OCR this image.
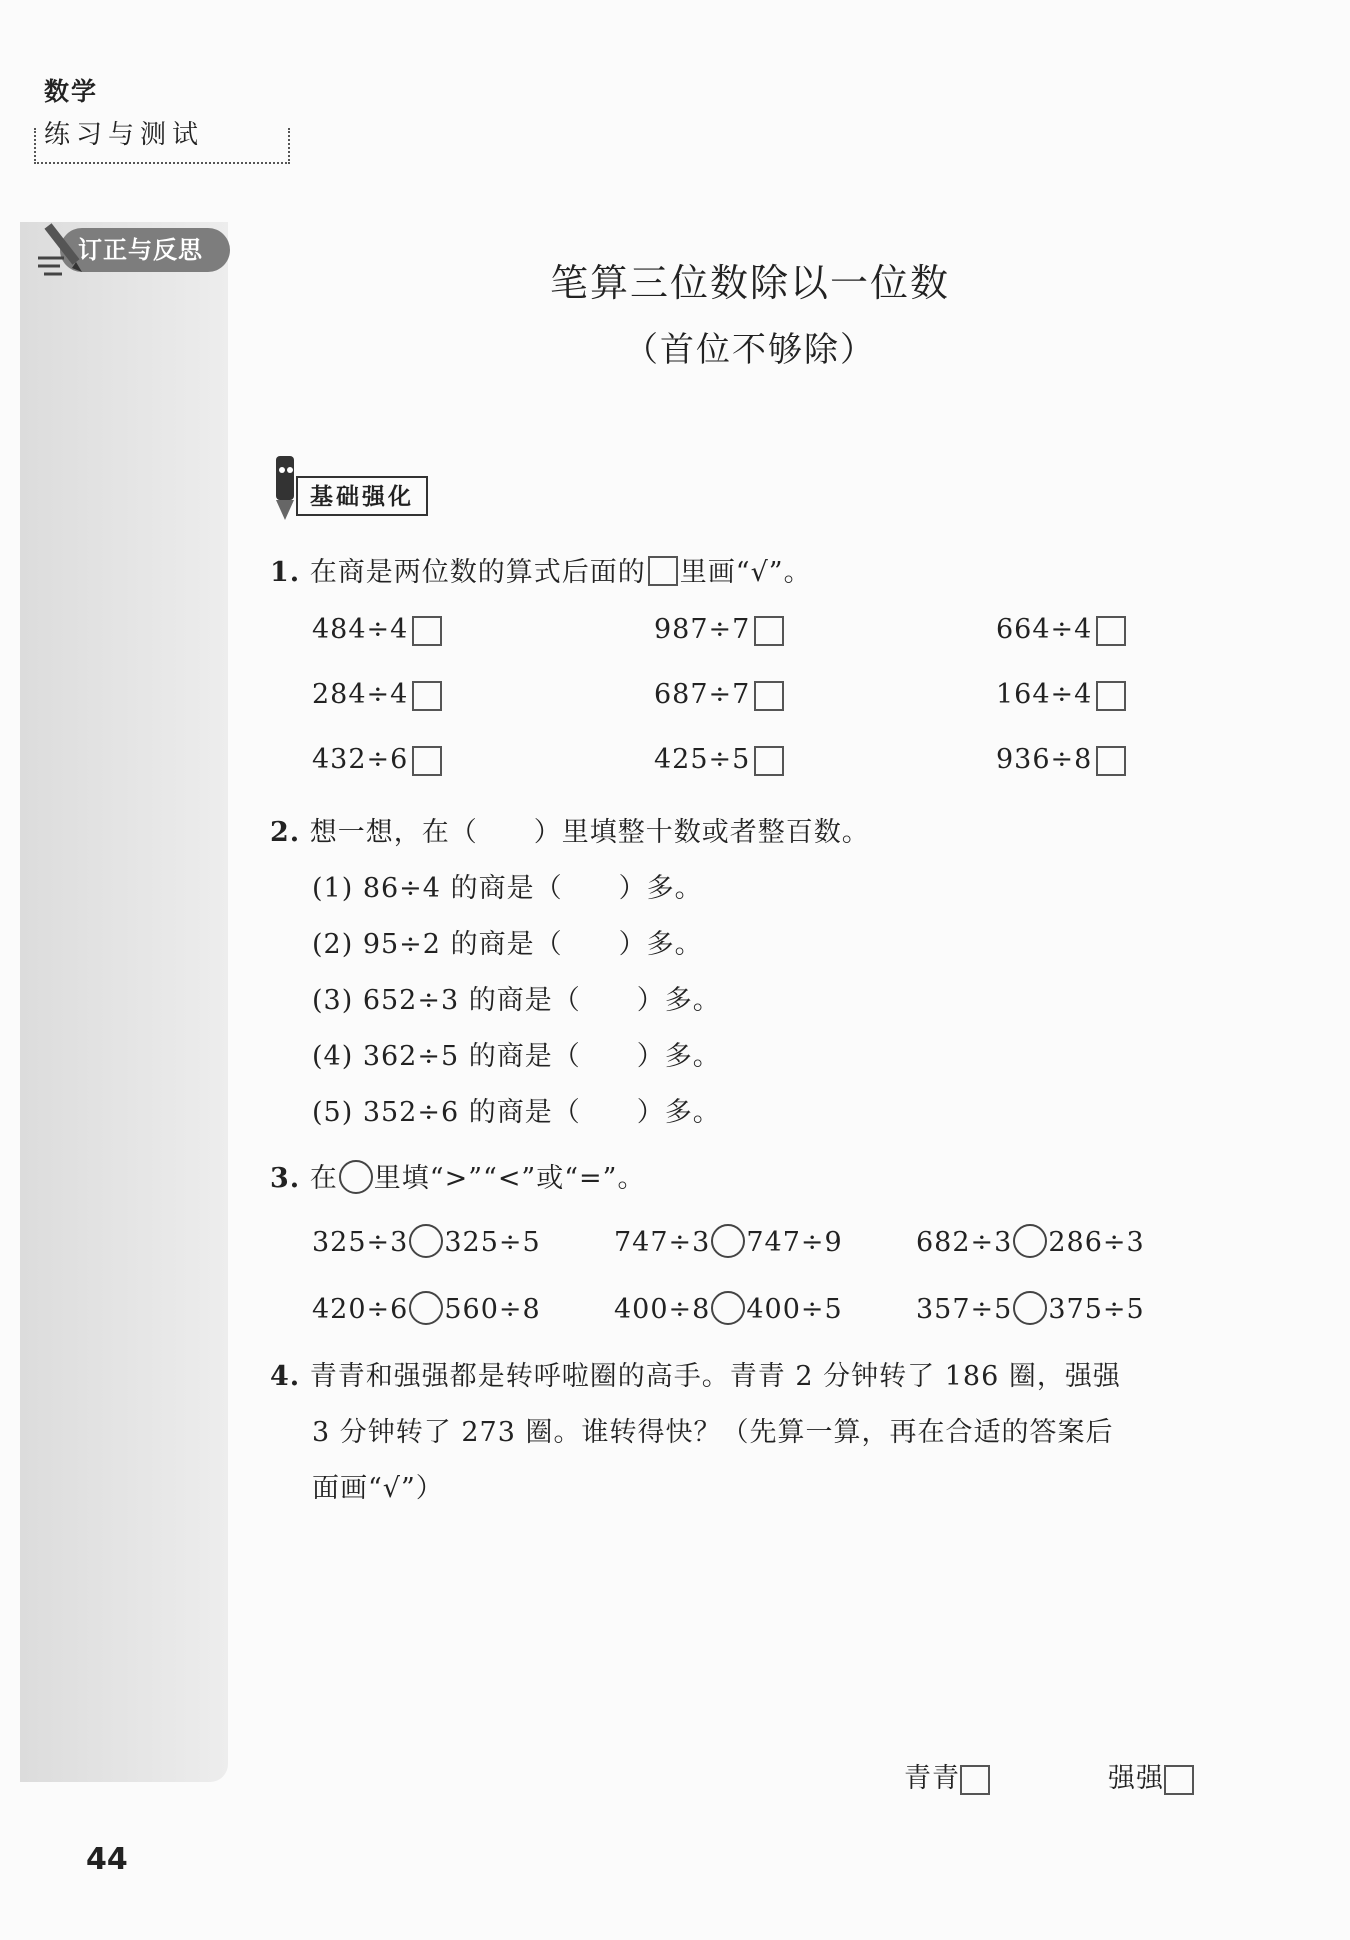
数学
练习与测试
订正与反思
笔算三位数除以一位数
（首位不够除）
基础强化
1. 在商是两位数的算式后面的 里画“√”。
484÷4	987÷7	664÷4
284÷4	687÷7	164÷4
432÷6	425÷5	936÷8
2. 想一想，在（ ）里填整十数或者整百数。
(1) 86÷4 的商是（ ）多。
(2) 95÷2 的商是（ ）多。
(3) 652÷3 的商是（ ）多。
(4) 362÷5 的商是（ ）多。
(5) 352÷6 的商是（ ）多。
3. 在 里填“>”“<”或“=”。
325÷3 325÷5	747÷3 747÷9	682÷3 286÷3
420÷6 560÷8	400÷8 400÷5	357÷5 375÷5
4. 青青和强强都是转呼啦圈的高手。青青 2 分钟转了 186 圈，强强
3 分钟转了 273 圈。谁转得快？（先算一算，再在合适的答案后
面画“√”）
青青	强强
44
